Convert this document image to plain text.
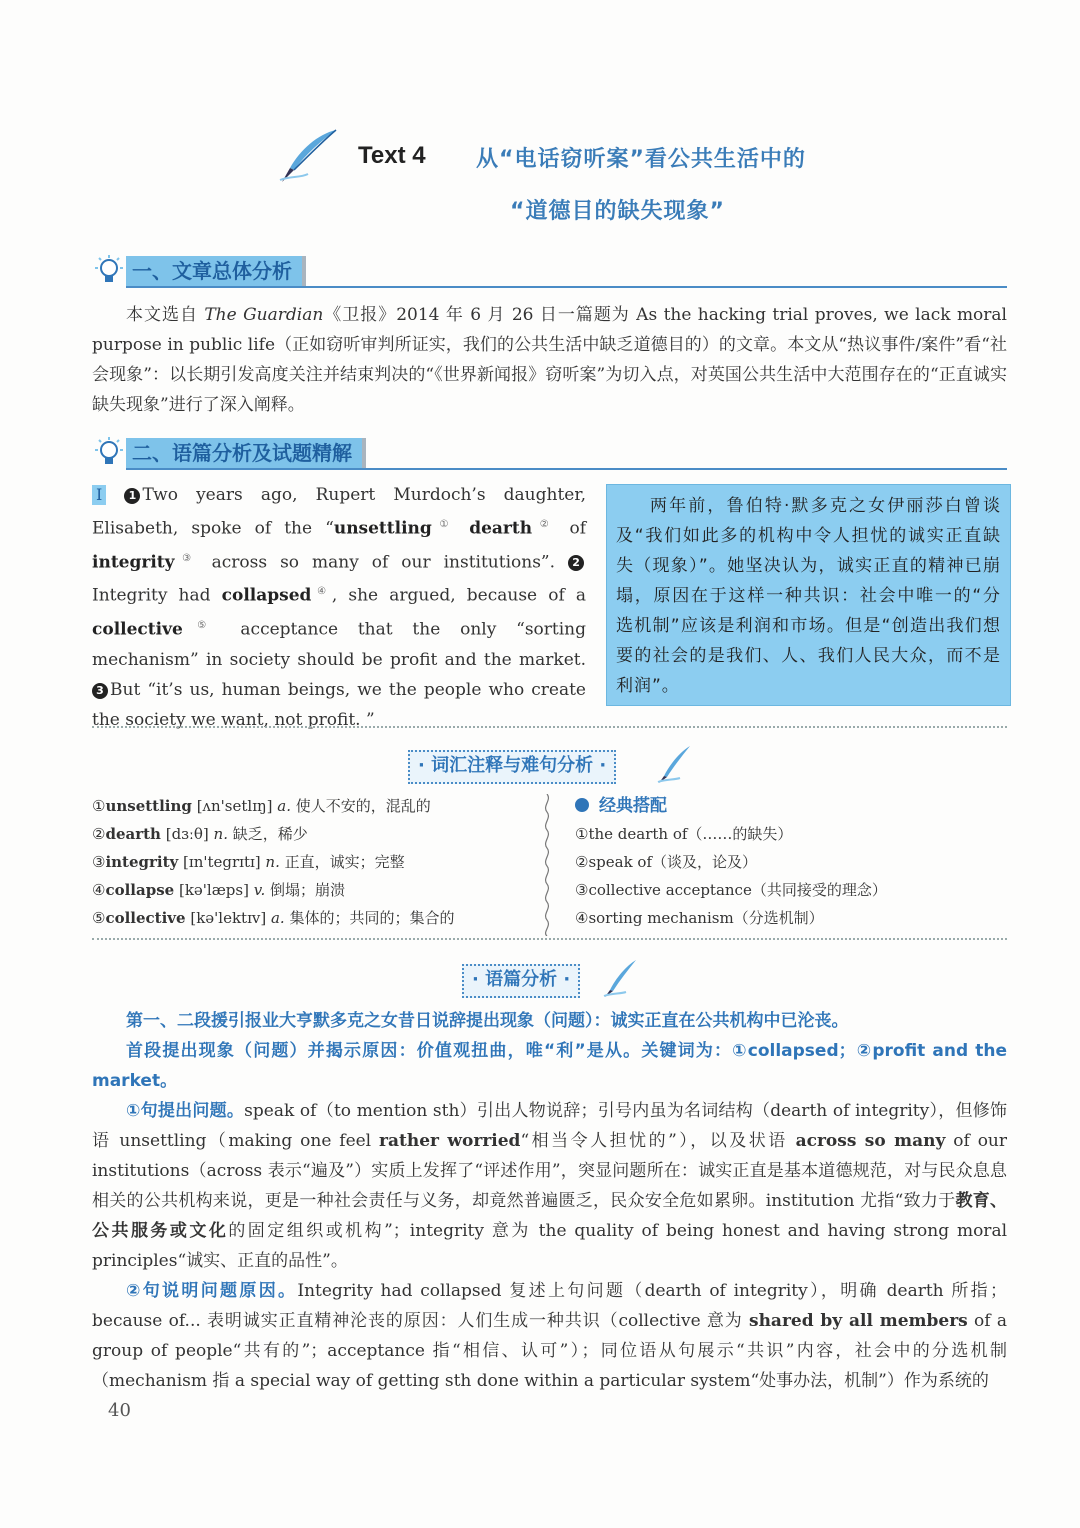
Text 4 从“电话窃听案”看公共生活中的
“道德目的缺失现象”
一、文章总体分析

本文选自 The Guardian《卫报》2014 年 6 月 26 日一篇题为 As the hacking trial proves, we lack moral purpose in public life（正如窃听审判所证实，我们的公共生活中缺乏道德目的）的文章。本文从“热议事件/案件”看“社会现象”：以长期引发高度关注并结束判决的“《世界新闻报》窃听案”为切入点，对英国公共生活中大范围存在的“正直诚实缺失现象”进行了深入阐释。

二、语篇分析及试题精解

Ⅰ 1 Two years ago, Rupert Murdoch’s daughter, Elisabeth, spoke of the “unsettling① dearth② of integrity③ across so many of our institutions”. 2 Integrity had collapsed④, she argued, because of a collective⑤ acceptance that the only “sorting mechanism” in society should be profit and the market. 3 But “it’s us, human beings, we the people who create the society we want, not profit. ”

两年前，鲁伯特·默多克之女伊丽莎白曾谈及“我们如此多的机构中令人担忧的诚实正直缺失（现象）”。她坚决认为，诚实正直的精神已崩塌，原因在于这样一种共识：社会中唯一的“分选机制”应该是利润和市场。但是“创造出我们想要的社会的是我们、人、我们人民大众，而不是利润”。

· 词汇注释与难句分析 ·
①unsettling [ʌn'setlɪŋ] a. 使人不安的，混乱的
②dearth [dɜːθ] n. 缺乏，稀少
③integrity [ɪn'tegrɪtɪ] n. 正直，诚实；完整
④collapse [kə'læps] v. 倒塌；崩溃
⑤collective [kə'lektɪv] a. 集体的；共同的；集合的
经典搭配
①the dearth of（……的缺失）
②speak of（谈及，论及）
③collective acceptance（共同接受的理念）
④sorting mechanism（分选机制）
· 语篇分析 ·

第一、二段援引报业大亨默多克之女昔日说辞提出现象（问题）：诚实正直在公共机构中已沦丧。

首段提出现象（问题）并揭示原因：价值观扭曲，唯“利”是从。关键词为：①collapsed；②profit and the market。

①句提出问题。speak of（to mention sth）引出人物说辞；引号内虽为名词结构（dearth of integrity），但修饰语 unsettling（making one feel rather worried“相当令人担忧的”），以及状语 across so many of our institutions（across 表示“遍及”）实质上发挥了“评述作用”，突显问题所在：诚实正直是基本道德规范，对与民众息息相关的公共机构来说，更是一种社会责任与义务，却竟然普遍匮乏，民众安全危如累卵。institution 尤指“致力于教育、公共服务或文化的固定组织或机构”；integrity 意为 the quality of being honest and having strong moral principles“诚实、正直的品性”。

②句说明问题原因。Integrity had collapsed 复述上句问题（dearth of integrity），明确 dearth 所指；because of... 表明诚实正直精神沦丧的原因：人们生成一种共识（collective 意为 shared by all members of a group of people“共有的”；acceptance 指“相信、认可”）；同位语从句展示“共识”内容，社会中的分选机制（mechanism 指 a special way of getting sth done within a particular system“处事办法，机制”）作为系统的

40
